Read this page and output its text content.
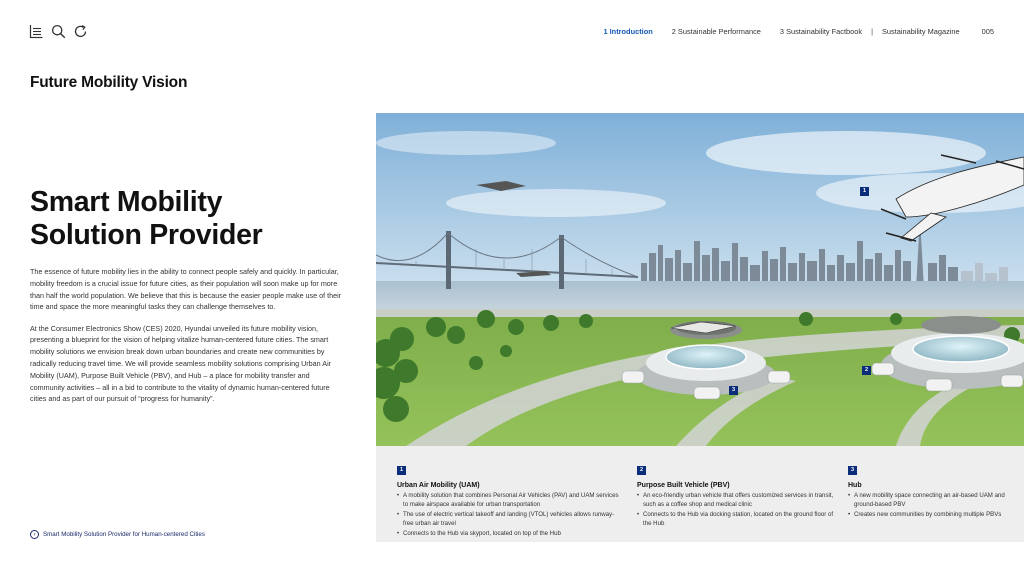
1 Introduction	2 Sustainable Performance	3 Sustainability Factbook | Sustainability Magazine	005
Future Mobility Vision
Smart Mobility
Solution Provider

The essence of future mobility lies in the ability to connect people safely and quickly. In particular, mobility freedom is a crucial issue for future cities, as their population will soon make up for more than half the world population. We believe that this is because the easier people make use of their time and space the more meaningful tasks they can challenge themselves to.

At the Consumer Electronics Show (CES) 2020, Hyundai unveiled its future mobility vision, presenting a blueprint for the vision of helping vitalize human-centered future cities. The smart mobility solutions we envision break down urban boundaries and create new communities by radically reducing travel time. We will provide seamless mobility solutions comprising Urban Air Mobility (UAM), Purpose Built Vehicle (PBV), and Hub – a place for mobility transfer and community activities – all in a bid to contribute to the vitality of dynamic human-centered future cities and as part of our pursuit of “progress for humanity”.

›	Smart Mobility Solution Provider for Human-centered Cities
1
2
3
1
Urban Air Mobility (UAM)
• A mobility solution that combines Personal Air Vehicles (PAV) and UAM services to make airspace available for urban transportation
• The use of electric vertical takeoff and landing (VTOL) vehicles allows runway-free urban air travel
• Connects to the Hub via skyport, located on top of the Hub
2
Purpose Built Vehicle (PBV)
• An eco-friendly urban vehicle that offers customized services in transit, such as a coffee shop and medical clinic
• Connects to the Hub via docking station, located on the ground floor of the Hub
3
Hub
• A new mobility space connecting an air-based UAM and ground-based PBV
• Creates new communities by combining multiple PBVs
